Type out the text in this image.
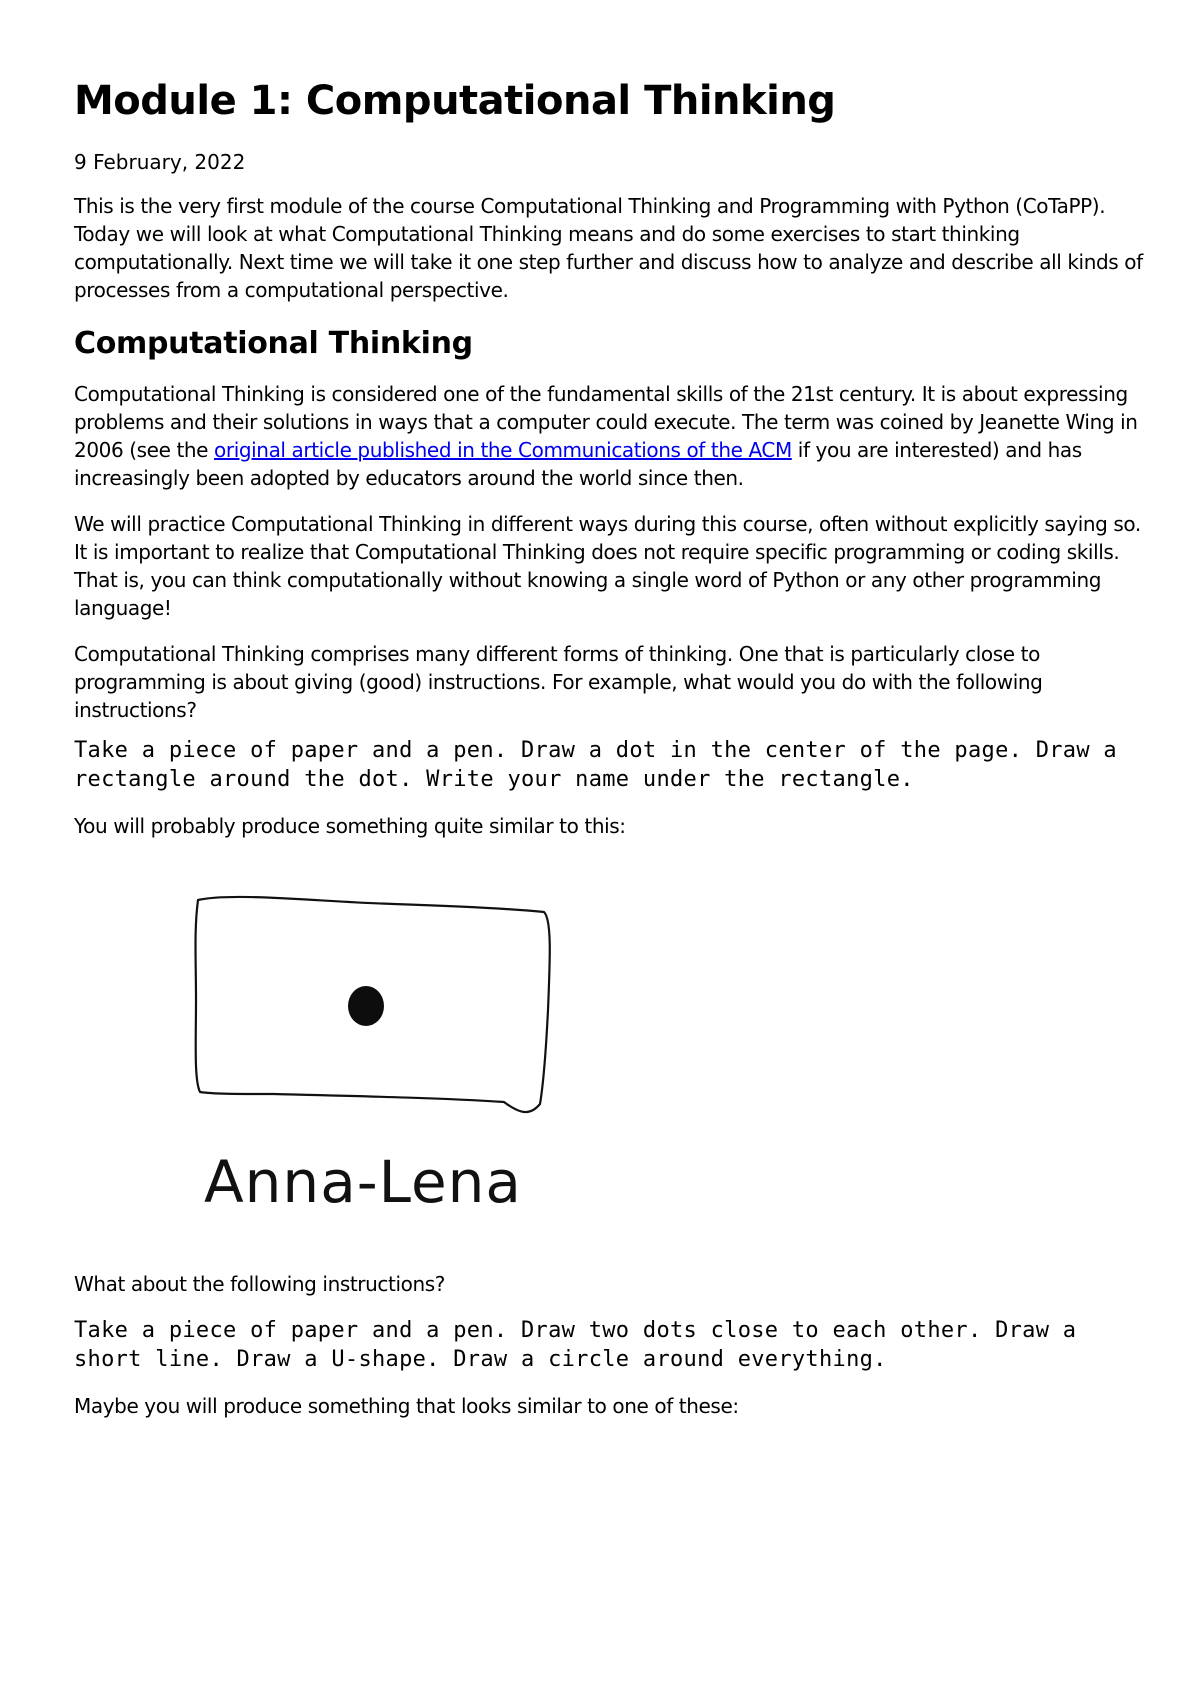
Module 1: Computational Thinking
9 February, 2022

This is the very first module of the course Computational Thinking and Programming with Python (CoTaPP). Today we will look at what Computational Thinking means and do some exercises to start thinking computationally. Next time we will take it one step further and discuss how to analyze and describe all kinds of processes from a computational perspective.

Computational Thinking

Computational Thinking is considered one of the fundamental skills of the 21st century. It is about expressing problems and their solutions in ways that a computer could execute. The term was coined by Jeanette Wing in 2006 (see the original article published in the Communications of the ACM if you are interested) and has increasingly been adopted by educators around the world since then.

We will practice Computational Thinking in different ways during this course, often without explicitly saying so. It is important to realize that Computational Thinking does not require specific programming or coding skills. That is, you can think computationally without knowing a single word of Python or any other programming language!

Computational Thinking comprises many different forms of thinking. One that is particularly close to programming is about giving (good) instructions. For example, what would you do with the following instructions?

Take a piece of paper and a pen. Draw a dot in the center of the page. Draw a rectangle around the dot. Write your name under the rectangle.

You will probably produce something quite similar to this:

Anna-Lena

What about the following instructions?

Take a piece of paper and a pen. Draw two dots close to each other. Draw a short line. Draw a U-shape. Draw a circle around everything.

Maybe you will produce something that looks similar to one of these:
